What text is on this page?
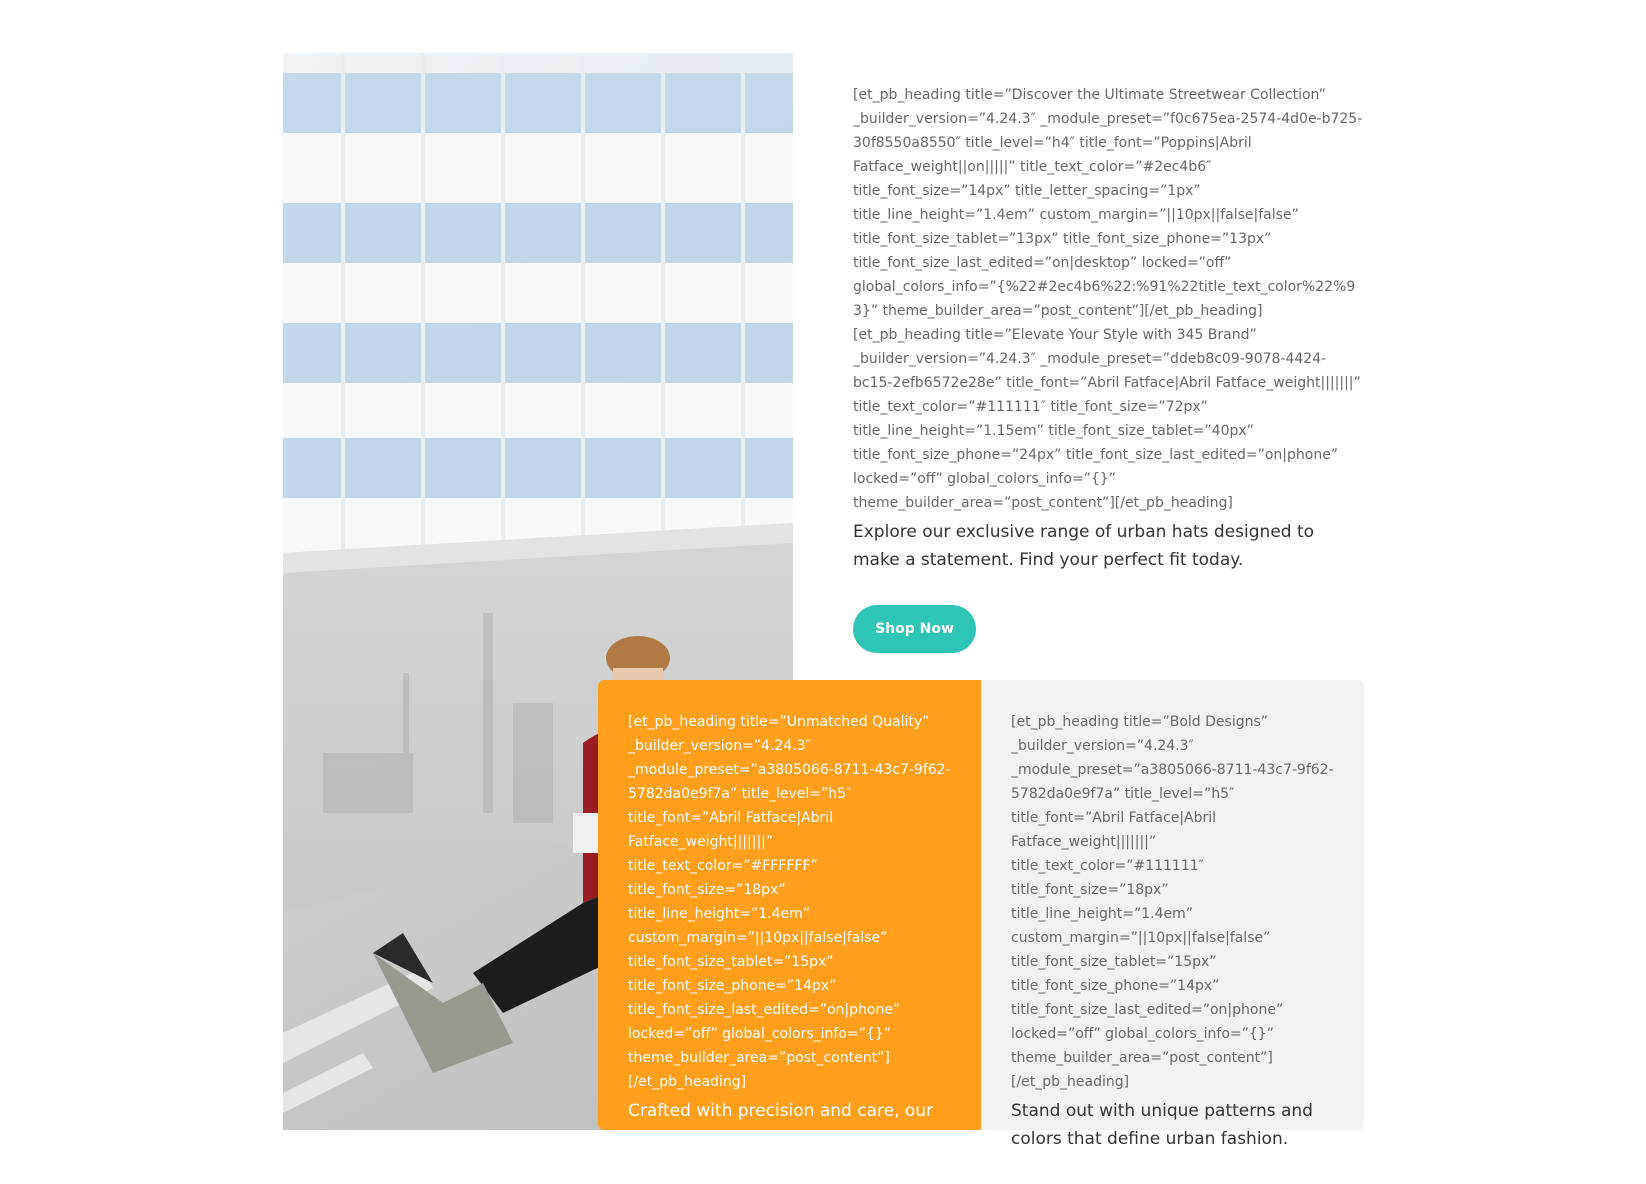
[et_pb_heading title=”Discover the Ultimate Streetwear Collection” _builder_version=”4.24.3″ _module_preset=”f0c675ea-2574-4d0e-b725-30f8550a8550″ title_level=”h4″ title_font=”Poppins|Abril Fatface_weight||on|||||” title_text_color=”#2ec4b6″ title_font_size=”14px” title_letter_spacing=”1px” title_line_height=”1.4em” custom_margin=”||10px||false|false” title_font_size_tablet=”13px” title_font_size_phone=”13px” title_font_size_last_edited=”on|desktop” locked=”off” global_colors_info=”{%22#2ec4b6%22:%91%22title_text_color%22%93}” theme_builder_area=”post_content”][/et_pb_heading][et_pb_heading title=”Elevate Your Style with 345 Brand” _builder_version=”4.24.3″ _module_preset=”ddeb8c09-9078-4424-bc15-2efb6572e28e” title_font=”Abril Fatface|Abril Fatface_weight|||||||” title_text_color=”#111111″ title_font_size=”72px” title_line_height=”1.15em” title_font_size_tablet=”40px” title_font_size_phone=”24px” title_font_size_last_edited=”on|phone” locked=”off” global_colors_info=”{}” theme_builder_area=”post_content”][/et_pb_heading]

Explore our exclusive range of urban hats designed to make a statement. Find your perfect fit today.

Shop Now

[et_pb_heading title=”Unmatched Quality” _builder_version=”4.24.3″ _module_preset=”a3805066-8711-43c7-9f62-5782da0e9f7a” title_level=”h5″ title_font=”Abril Fatface|Abril Fatface_weight|||||||” title_text_color=”#FFFFFF” title_font_size=”18px” title_line_height=”1.4em” custom_margin=”||10px||false|false” title_font_size_tablet=”15px” title_font_size_phone=”14px” title_font_size_last_edited=”on|phone” locked=”off” global_colors_info=”{}” theme_builder_area=”post_content”][/et_pb_heading]

Crafted with precision and care, our hats are built to last and turn heads.

[et_pb_heading title=”Bold Designs” _builder_version=”4.24.3″ _module_preset=”a3805066-8711-43c7-9f62-5782da0e9f7a” title_level=”h5″ title_font=”Abril Fatface|Abril Fatface_weight|||||||” title_text_color=”#111111″ title_font_size=”18px” title_line_height=”1.4em” custom_margin=”||10px||false|false” title_font_size_tablet=”15px” title_font_size_phone=”14px” title_font_size_last_edited=”on|phone” locked=”off” global_colors_info=”{}” theme_builder_area=”post_content”][/et_pb_heading]

Stand out with unique patterns and colors that define urban fashion.
